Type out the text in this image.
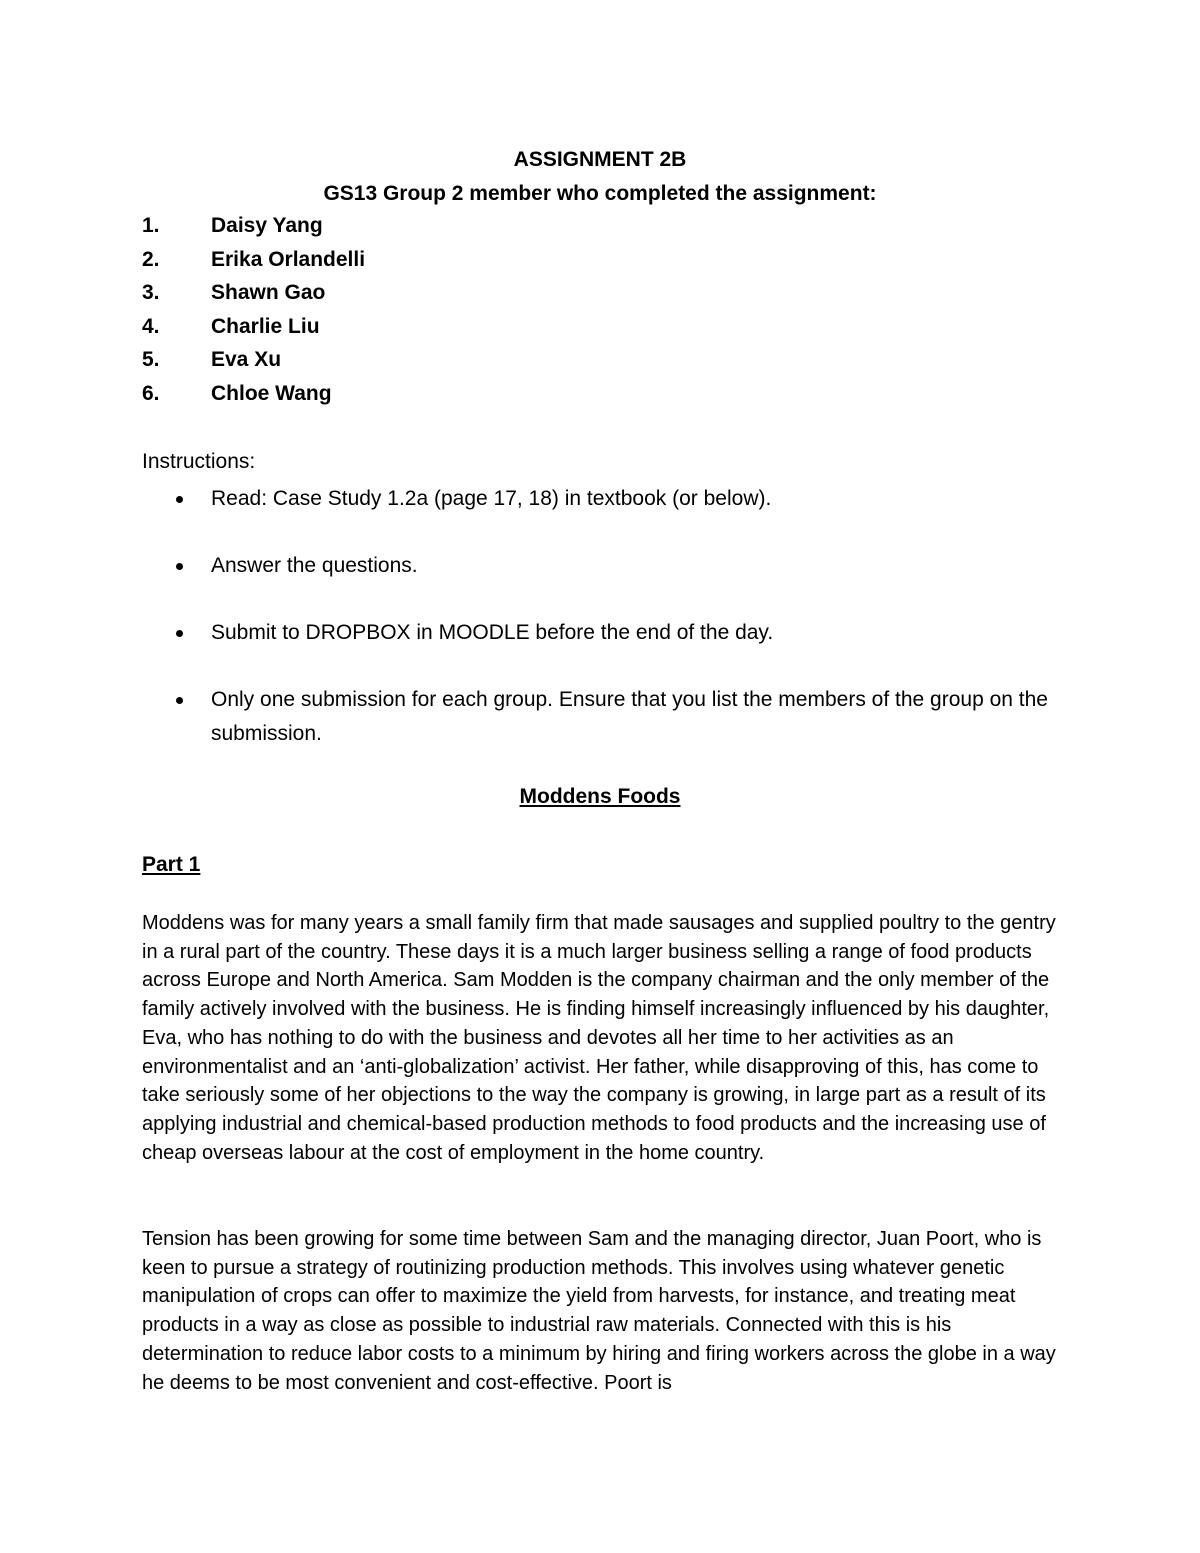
ASSIGNMENT 2B
GS13 Group 2 member who completed the assignment:
1. Daisy Yang
2. Erika Orlandelli
3. Shawn Gao
4. Charlie Liu
5. Eva Xu
6. Chloe Wang
Instructions:
Read: Case Study 1.2a (page 17, 18) in textbook (or below).
Answer the questions.
Submit to DROPBOX in MOODLE before the end of the day.
Only one submission for each group. Ensure that you list the members of the group on the submission.
Moddens Foods
Part 1

Moddens was for many years a small family firm that made sausages and supplied poultry to the gentry in a rural part of the country. These days it is a much larger business selling a range of food products across Europe and North America. Sam Modden is the company chairman and the only member of the family actively involved with the business. He is finding himself increasingly influenced by his daughter, Eva, who has nothing to do with the business and devotes all her time to her activities as an environmentalist and an ‘anti-globalization’ activist. Her father, while disapproving of this, has come to take seriously some of her objections to the way the company is growing, in large part as a result of its applying industrial and chemical-based production methods to food products and the increasing use of cheap overseas labour at the cost of employment in the home country.

Tension has been growing for some time between Sam and the managing director, Juan Poort, who is keen to pursue a strategy of routinizing production methods. This involves using whatever genetic manipulation of crops can offer to maximize the yield from harvests, for instance, and treating meat products in a way as close as possible to industrial raw materials. Connected with this is his determination to reduce labor costs to a minimum by hiring and firing workers across the globe in a way he deems to be most convenient and cost-effective. Poort is
